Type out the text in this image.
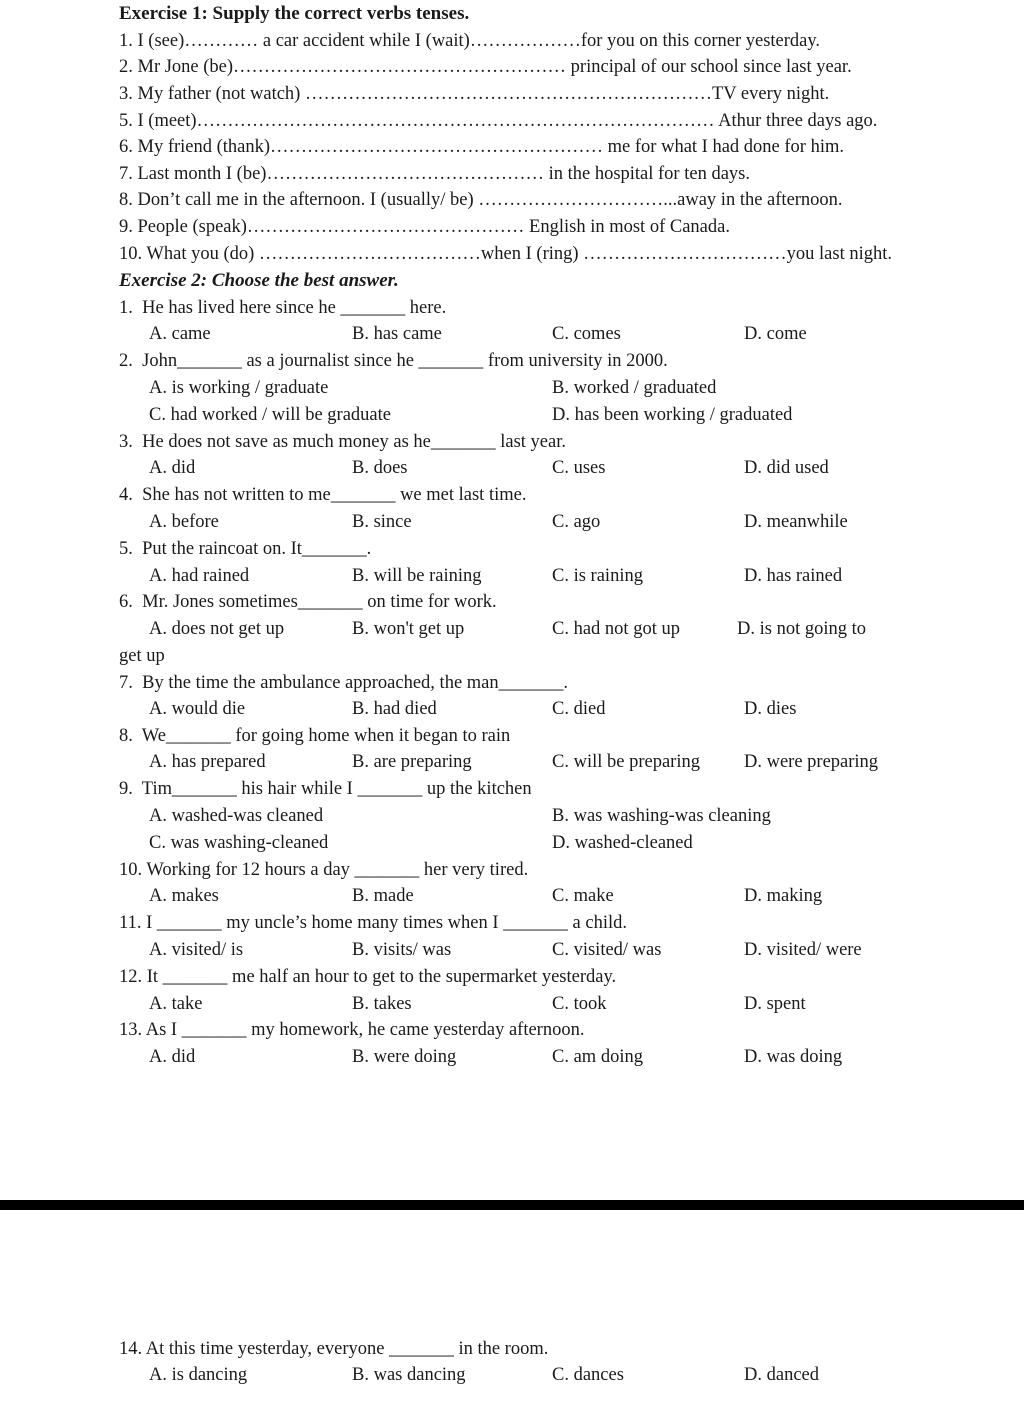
Exercise 1: Supply the correct verbs tenses.
1. I (see)………… a car accident while I (wait)………………for you on this corner yesterday.
2. Mr Jone (be)……………………………………………… principal of our school since last year.
3. My father (not watch) …………………………………………………………TV every night.
5. I (meet)………………………………………………………………………… Athur three days ago.
6. My friend (thank)……………………………………………… me for what I had done for him.
7. Last month I (be)……………………………………… in the hospital for ten days.
8. Don’t call me in the afternoon. I (usually/ be) …………………………...away in the afternoon.
9. People (speak)……………………………………… English in most of Canada.
10. What you (do) ………………………………when I (ring) ……………………………you last night.
Exercise 2: Choose the best answer.
1.  He has lived here since he _______ here.
A. came	B. has came	C. comes	D. come
2.  John_______ as a journalist since he _______ from university in 2000.
A. is working / graduate	B. worked / graduated
C. had worked / will be graduate	D. has been working / graduated
3.  He does not save as much money as he_______ last year.
A. did	B. does	C. uses	D. did used
4.  She has not written to me_______ we met last time.
A. before	B. since	C. ago	D. meanwhile
5.  Put the raincoat on. It_______.
A. had rained	B. will be raining	C. is raining	D. has rained
6.  Mr. Jones sometimes_______ on time for work.
A. does not get up	B. won't get up	C. had not got up	D. is not going to
get up
7.  By the time the ambulance approached, the man_______.
A. would die	B. had died	C. died	D. dies
8.  We_______ for going home when it began to rain
A. has prepared	B. are preparing	C. will be preparing D. were preparing
9.  Tim_______ his hair while I _______ up the kitchen
A. washed-was cleaned	B. was washing-was cleaning
C. was washing-cleaned	D. washed-cleaned
10. Working for 12 hours a day _______ her very tired.
A. makes	B. made	C. make	D. making
11. I _______ my uncle’s home many times when I _______ a child.
A. visited/ is	B. visits/ was	C. visited/ was	D. visited/ were
12. It _______ me half an hour to get to the supermarket yesterday.
A. take	B. takes	C. took	D. spent
13. As I _______ my homework, he came yesterday afternoon.
A. did	B. were doing	C. am doing	D. was doing
14. At this time yesterday, everyone _______ in the room.
A. is dancing	B. was dancing	C. dances	D. danced
